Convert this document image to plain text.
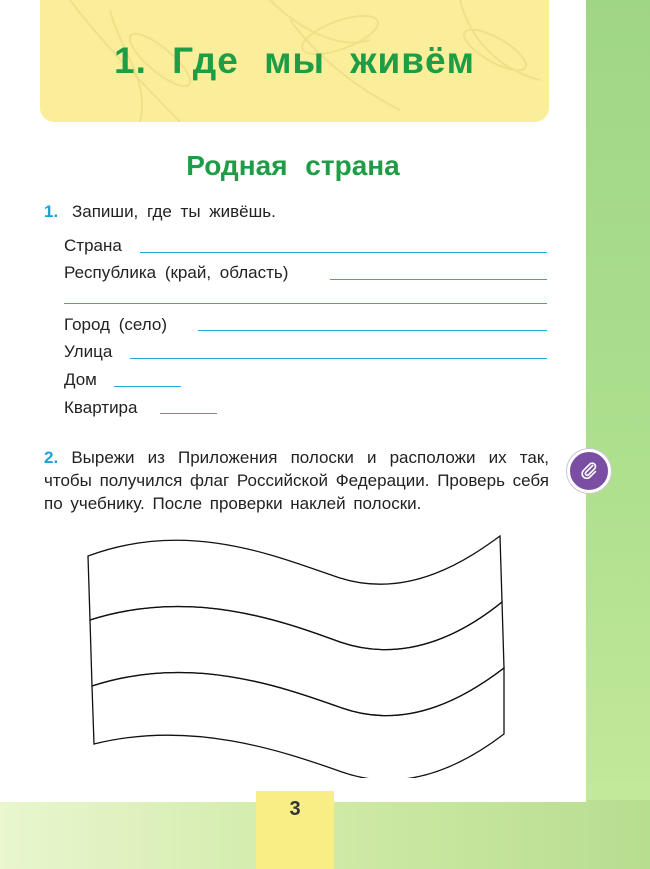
1. Где мы живём
Родная страна
1. Запиши, где ты живёшь.
Страна
Республика (край, область)
Город (село)
Улица
Дом
Квартира
2. Вырежи из Приложения полоски и расположи их так, чтобы получился флаг Российской Федерации. Проверь себя по учебнику. После проверки наклей полоски.
3
